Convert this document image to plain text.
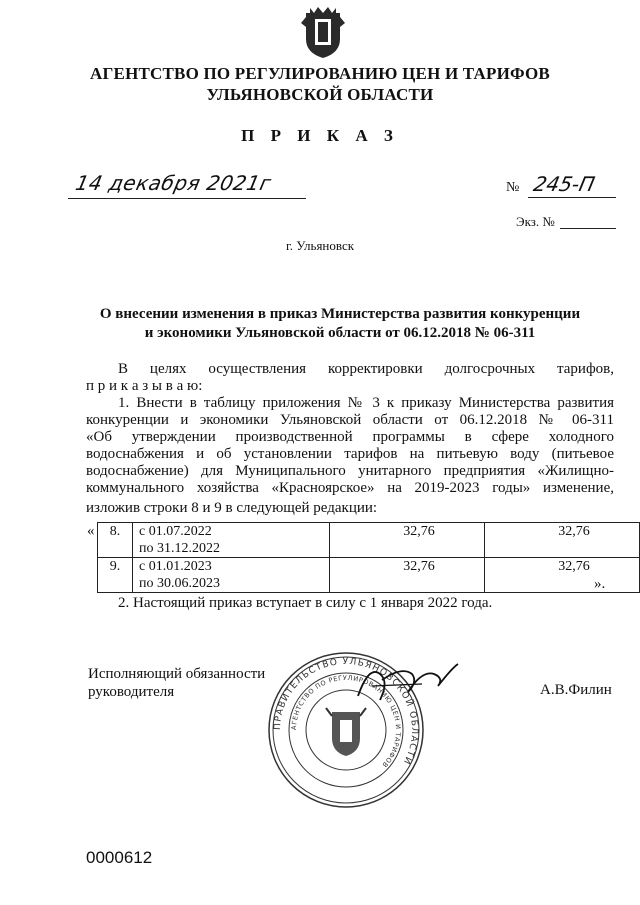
АГЕНТСТВО ПО РЕГУЛИРОВАНИЮ ЦЕН И ТАРИФОВ
УЛЬЯНОВСКОЙ ОБЛАСТИ
П Р И К А З
14 декабря 2021г	№ 245-П
Экз. №
г. Ульяновск
О внесении изменения в приказ Министерства развития конкуренции
и экономики Ульяновской области от 06.12.2018 № 06-311
В целях осуществления корректировки долгосрочных тарифов,
п р и к а з ы в а ю:
1. Внести в таблицу приложения № 3 к приказу Министерства развития
конкуренции и экономики Ульяновской области от 06.12.2018 № 06-311
«Об утверждении производственной программы в сфере холодного
водоснабжения и об установлении тарифов на питьевую воду (питьевое
водоснабжение) для Муниципального унитарного предприятия «Жилищно-
коммунального хозяйства «Красноярское» на 2019-2023 годы» изменение,
изложив строки 8 и 9 в следующей редакции:
« 8.	с 01.07.2022
по 31.12.2022	32,76	32,76
9.	с 01.01.2023
по 30.06.2023	32,76	32,76
».
2. Настоящий приказ вступает в силу с 1 января 2022 года.
Исполняющий обязанности
руководителя	А.В.Филин
ПРАВИТЕЛЬСТВО УЛЬЯНОВСКОЙ ОБЛАСТИ
АГЕНТСТВО ПО РЕГУЛИРОВАНИЮ ЦЕН И ТАРИФОВ
0000612
